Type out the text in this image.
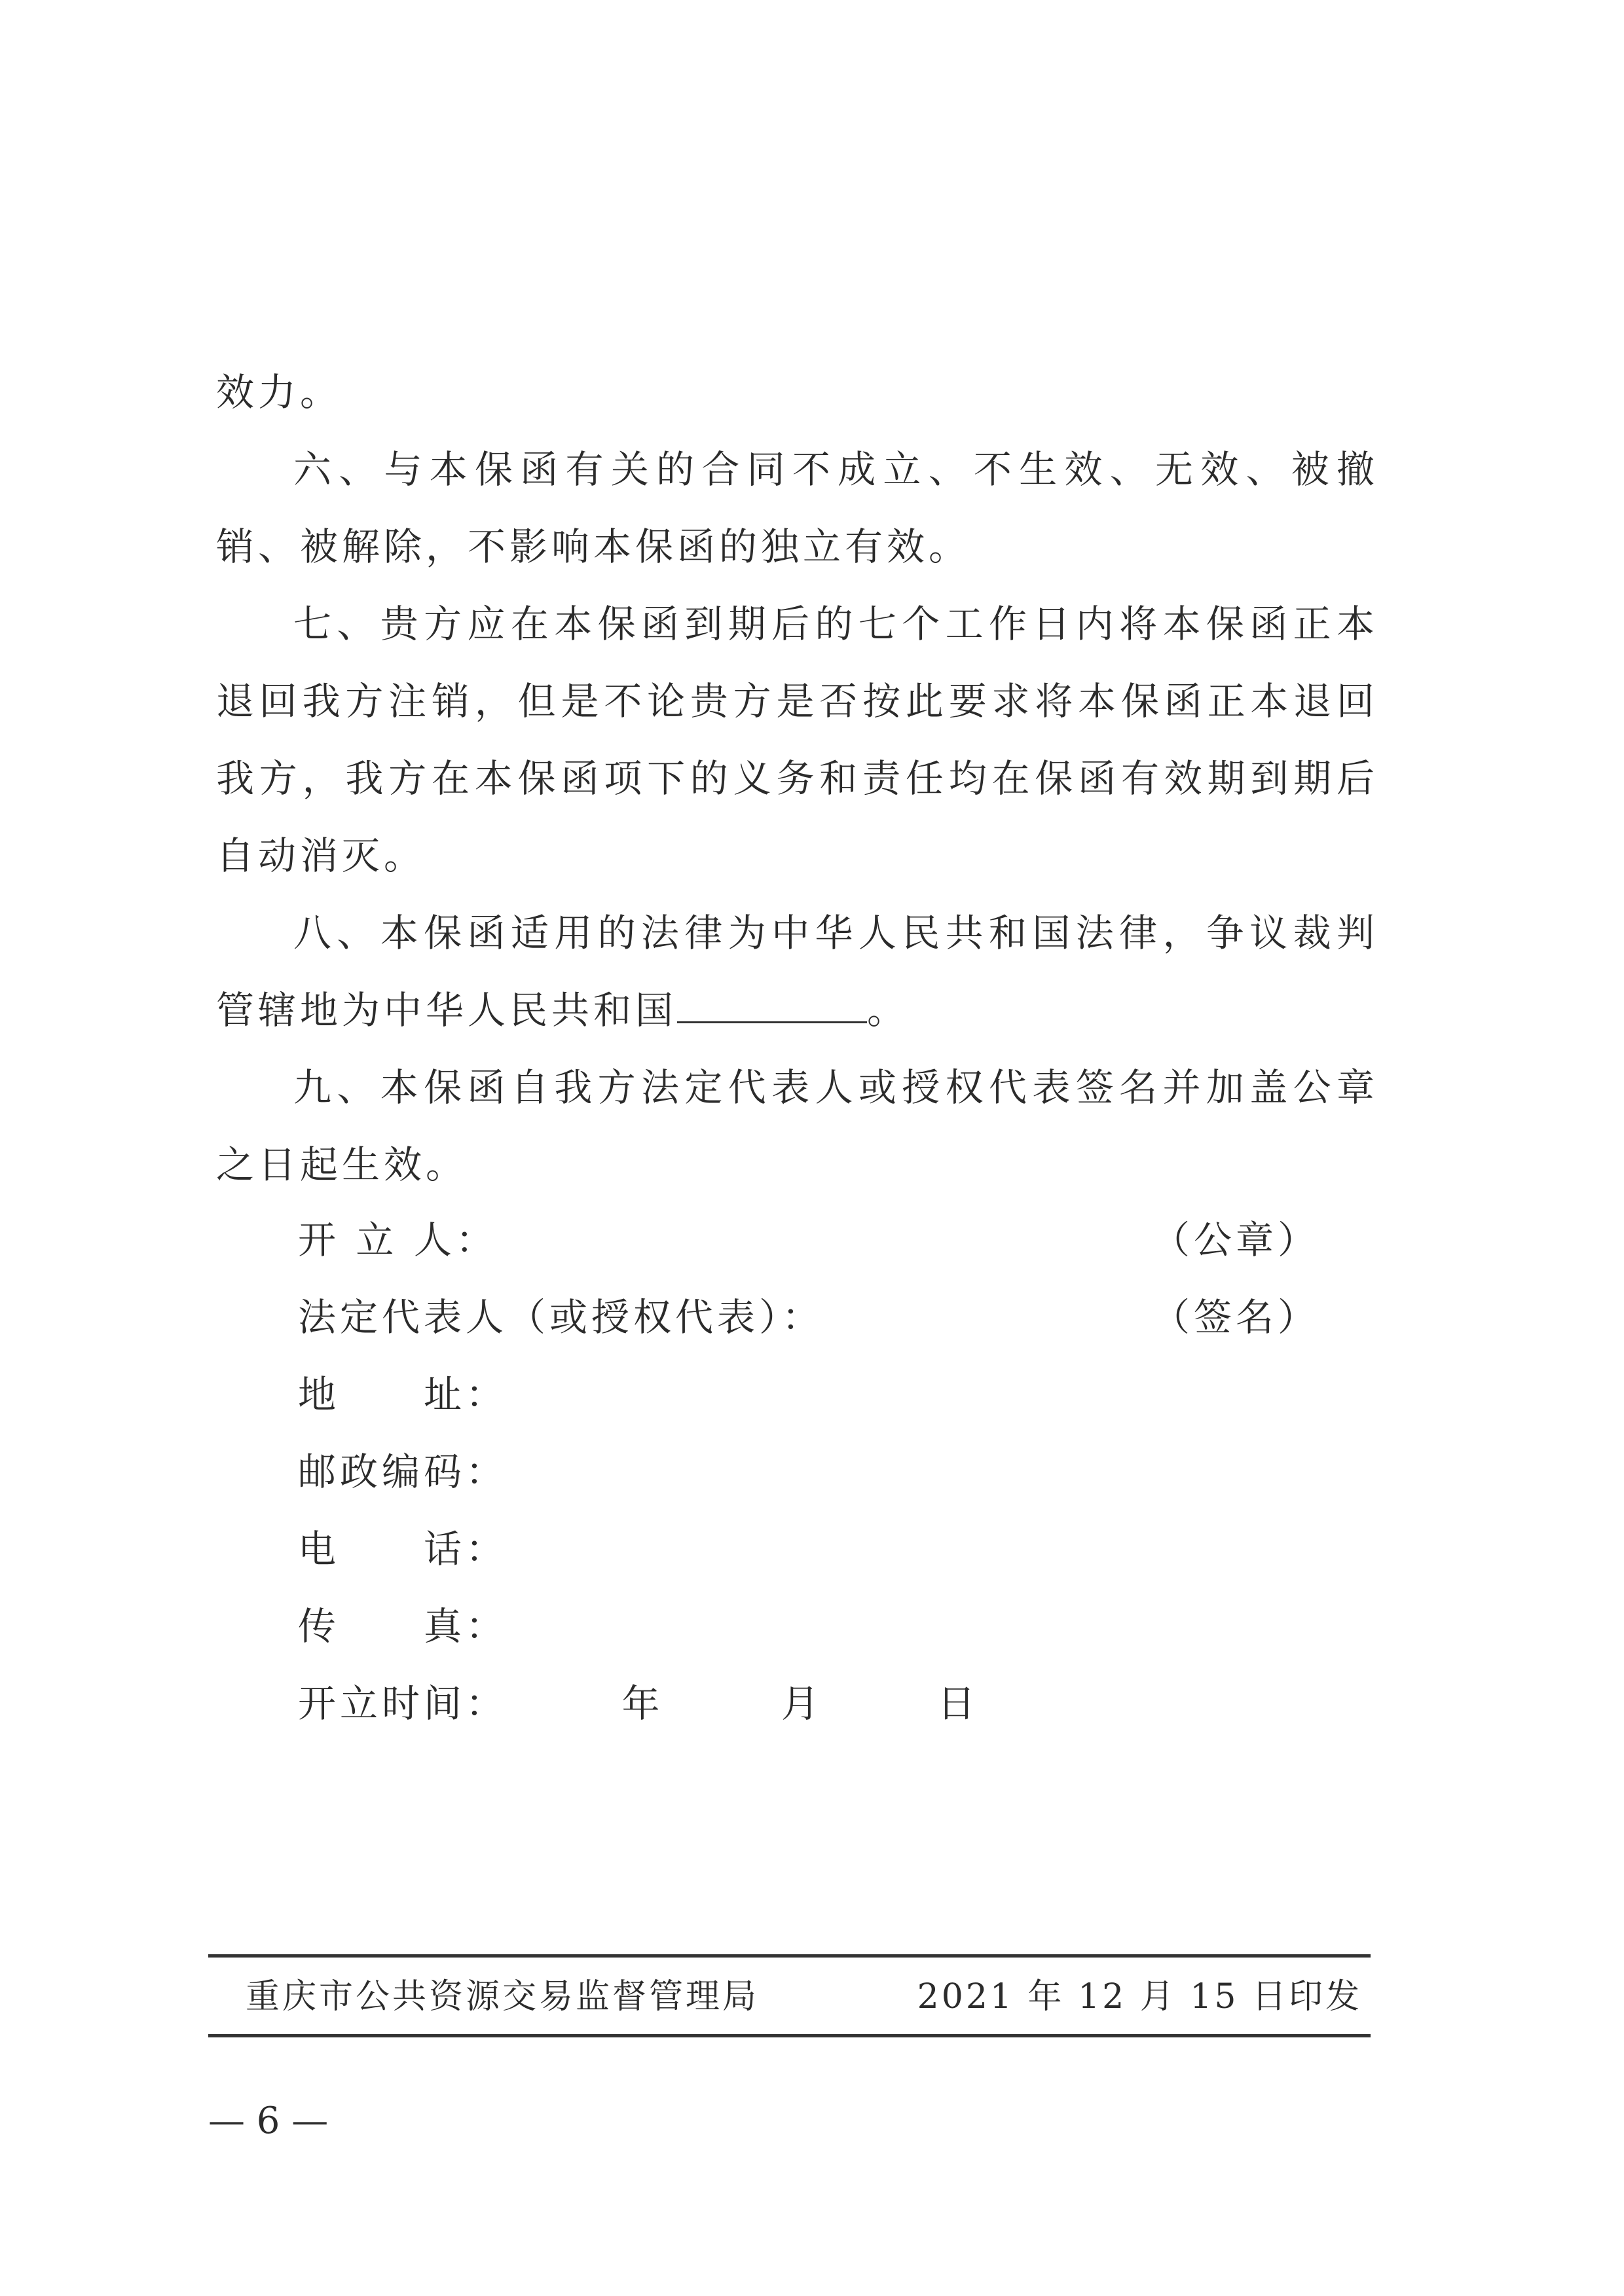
效力。

六、与本保函有关的合同不成立、不生效、无效、被撤销、被解除，不影响本保函的独立有效。

七、贵方应在本保函到期后的七个工作日内将本保函正本退回我方注销，但是不论贵方是否按此要求将本保函正本退回我方，我方在本保函项下的义务和责任均在保函有效期到期后自动消灭。

八、本保函适用的法律为中华人民共和国法律，争议裁判管辖地为中华人民共和国	。

九、本保函自我方法定代表人或授权代表签名并加盖公章之日起生效。

开 立 人：	（公章）
法定代表人（或授权代表）：	（签名）
地　　址：
邮政编码：
电　　话：
传　　真：
开立时间：	年	月	日
重庆市公共资源交易监督管理局	2021 年 12 月 15 日印发
— 6 —
